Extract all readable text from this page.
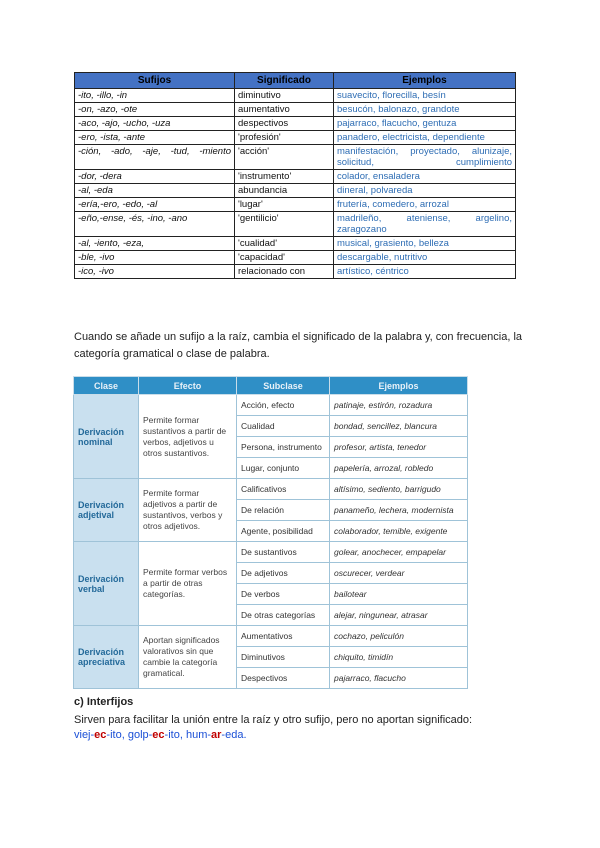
Sufijos	Significado	Ejemplos
-ito, -illo, -in	diminutivo	suavecito, florecilla, besín
-on, -azo, -ote	aumentativo	besucón, balonazo, grandote
-aco, -ajo, -ucho, -uza	despectivos	pajarraco, flacucho, gentuza
-ero, -ista, -ante	'profesión'	panadero, electricista, dependiente
-ción, -ado, -aje, -tud, -miento	'acción'	manifestación, proyectado, alunizaje, solicitud, cumplimiento
-dor, -dera	'instrumento'	colador, ensaladera
-al, -eda	abundancia	dineral, polvareda
-ería,-ero, -edo, -al	'lugar'	frutería, comedero, arrozal
-eño,-ense, -és, -ino, -ano	'gentilicio'	madrileño, ateniense, argelino, zaragozano
-al, -iento, -eza,	'cualidad'	musical, grasiento, belleza
-ble, -ivo	'capacidad'	descargable, nutritivo
-ico, -ivo	relacionado con	artístico, céntrico
Cuando se añade un sufijo a la raíz, cambia el significado de la palabra y, con frecuencia, la categoría gramatical o clase de palabra.
Clase	Efecto	Subclase	Ejemplos
Derivación nominal	Permite formar sustantivos a partir de verbos, adjetivos u otros sustantivos.	Acción, efecto	patinaje, estirón, rozadura
		Cualidad	bondad, sencillez, blancura
		Persona, instrumento	profesor, artista, tenedor
		Lugar, conjunto	papelería, arrozal, robledo
Derivación adjetival	Permite formar adjetivos a partir de sustantivos, verbos y otros adjetivos.	Calificativos	altísimo, sediento, barrigudo
		De relación	panameño, lechera, modernista
		Agente, posibilidad	colaborador, temible, exigente
Derivación verbal	Permite formar verbos a partir de otras categorías.	De sustantivos	golear, anochecer, empapelar
		De adjetivos	oscurecer, verdear
		De verbos	bailotear
		De otras categorías	alejar, ningunear, atrasar
Derivación apreciativa	Aportan significados valorativos sin que cambie la categoría gramatical.	Aumentativos	cochazo, peliculón
		Diminutivos	chiquito, timidín
		Despectivos	pajarraco, flacucho
c) Interfijos
Sirven para facilitar la unión entre la raíz y otro sufijo, pero no aportan significado:
viej-ec-ito, golp-ec-ito, hum-ar-eda.
